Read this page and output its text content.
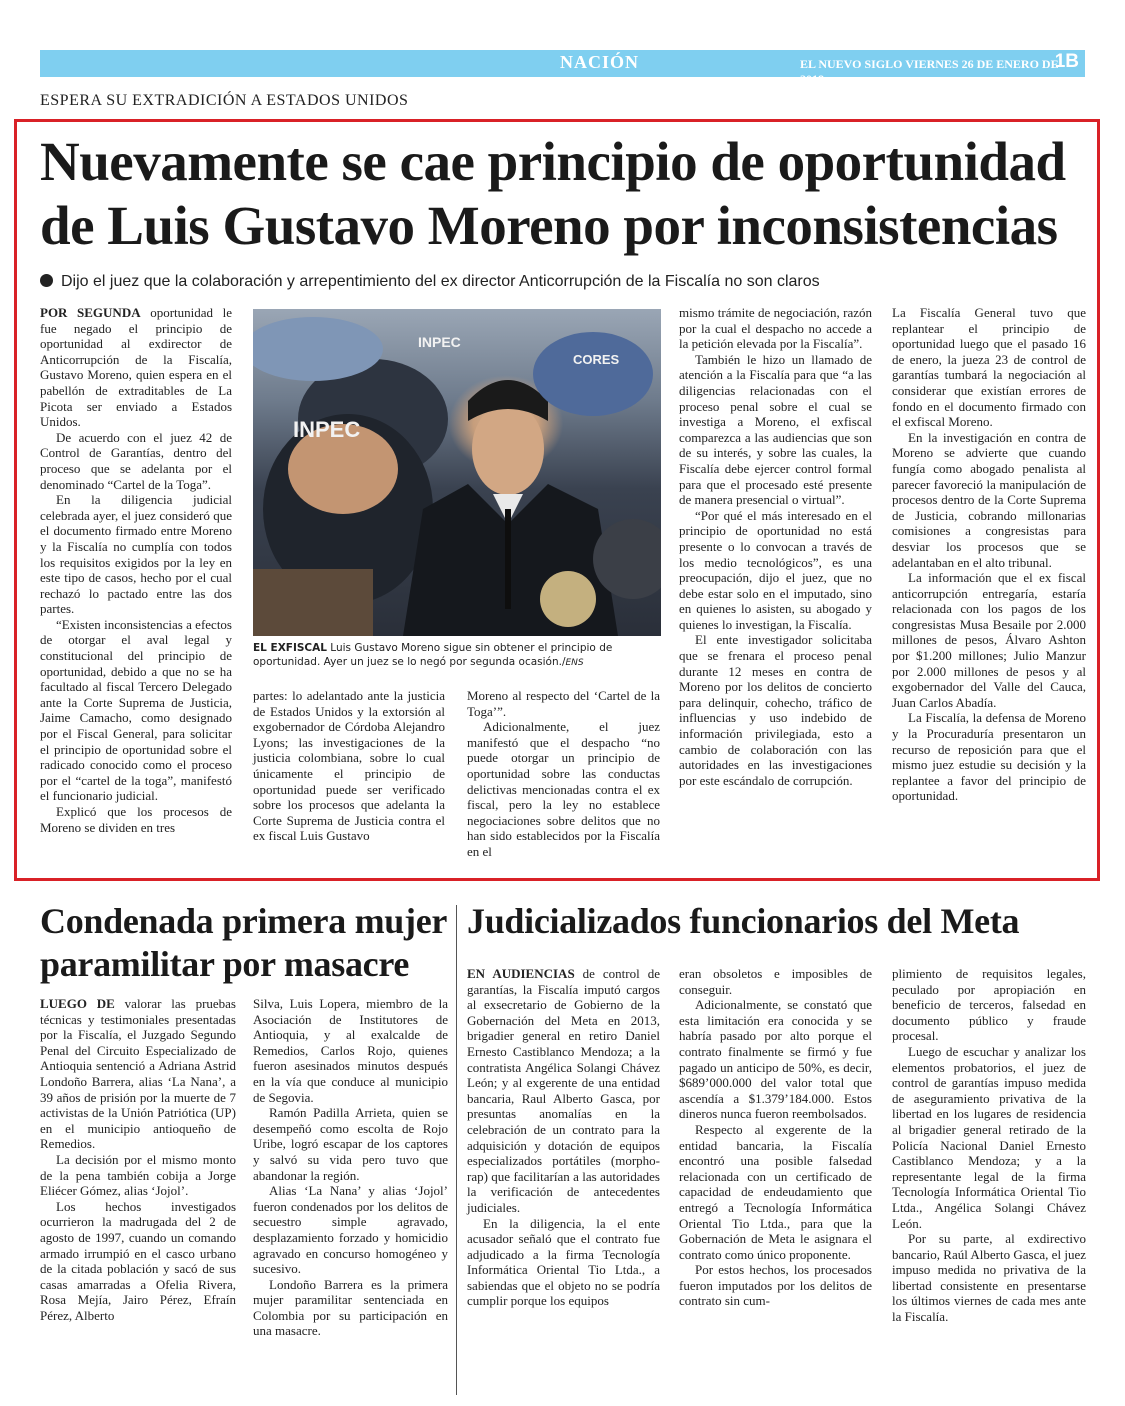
NACIÓN	EL NUEVO SIGLO VIERNES 26 DE ENERO DE 2018
1B
ESPERA SU EXTRADICIÓN A ESTADOS UNIDOS
Nuevamente se cae principio de oportunidad
de Luis Gustavo Moreno por inconsistencias
Dijo el juez que la colaboración y arrepentimiento del ex director Anticorrupción de la Fiscalía no son claros

POR SEGUNDA oportunidad le fue negado el principio de oportunidad al exdirector de Anticorrupción de la Fiscalía, Gustavo Moreno, quien espera en el pabellón de extraditables de La Picota ser enviado a Estados Unidos.

De acuerdo con el juez 42 de Control de Garantías, dentro del proceso que se adelanta por el denominado “Cartel de la Toga”.

En la diligencia judicial celebrada ayer, el juez consideró que el documento firmado entre Moreno y la Fiscalía no cumplía con todos los requisitos exigidos por la ley en este tipo de casos, hecho por el cual rechazó lo pactado entre las dos partes.

“Existen inconsistencias a efectos de otorgar el aval legal y constitucional del principio de oportunidad, debido a que no se ha facultado al fiscal Tercero Delegado ante la Corte Suprema de Justicia, Jaime Camacho, como designado por el Fiscal General, para solicitar el principio de oportunidad sobre el radicado conocido como el proceso por el “cartel de la toga”, manifestó el funcionario judicial.

Explicó que los procesos de Moreno se dividen en tres

INPEC
INPEC
CORES
EL EXFISCAL Luis Gustavo Moreno sigue sin obtener el principio de oportunidad. Ayer un juez se lo negó por segunda ocasión./ENS

partes: lo adelantado ante la justicia de Estados Unidos y la extorsión al exgobernador de Córdoba Alejandro Lyons; las investigaciones de la justicia colombiana, sobre lo cual únicamente el principio de oportunidad puede ser verificado sobre los procesos que adelanta la Corte Suprema de Justicia contra el ex fiscal Luis Gustavo

Moreno al respecto del ‘Cartel de la Toga’”.

Adicionalmente, el juez manifestó que el despacho “no puede otorgar un principio de oportunidad sobre las conductas delictivas mencionadas contra el ex fiscal, pero la ley no establece negociaciones sobre delitos que no han sido establecidos por la Fiscalía en el

mismo trámite de negociación, razón por la cual el despacho no accede a la petición elevada por la Fiscalía”.

También le hizo un llamado de atención a la Fiscalía para que “a las diligencias relacionadas con el proceso penal sobre el cual se investiga a Moreno, el exfiscal comparezca a las audiencias que son de su interés, y sobre las cuales, la Fiscalía debe ejercer control formal para que el procesado esté presente de manera presencial o virtual”.

“Por qué el más interesado en el principio de oportunidad no está presente o lo convocan a través de los medio tecnológicos”, es una preocupación, dijo el juez, que no debe estar solo en el imputado, sino en quienes lo asisten, su abogado y quienes lo investigan, la Fiscalía.

El ente investigador solicitaba que se frenara el proceso penal durante 12 meses en contra de Moreno por los delitos de concierto para delinquir, cohecho, tráfico de influencias y uso indebido de información privilegiada, esto a cambio de colaboración con las autoridades en las investigaciones por este escándalo de corrupción.

La Fiscalía General tuvo que replantear el principio de oportunidad luego que el pasado 16 de enero, la jueza 23 de control de garantías tumbará la negociación al considerar que existían errores de fondo en el documento firmado con el exfiscal Moreno.

En la investigación en contra de Moreno se advierte que cuando fungía como abogado penalista al parecer favoreció la manipulación de procesos dentro de la Corte Suprema de Justicia, cobrando millonarias comisiones a congresistas para desviar los procesos que se adelantaban en el alto tribunal.

La información que el ex fiscal anticorrupción entregaría, estaría relacionada con los pagos de los congresistas Musa Besaile por 2.000 millones de pesos, Álvaro Ashton por $1.200 millones; Julio Manzur por 2.000 millones de pesos y al exgobernador del Valle del Cauca, Juan Carlos Abadía.

La Fiscalía, la defensa de Moreno y la Procuraduría presentaron un recurso de reposición para que el mismo juez estudie su decisión y la replantee a favor del principio de oportunidad.

Condenada primera mujer
paramilitar por masacre

LUEGO DE valorar las pruebas técnicas y testimoniales presentadas por la Fiscalía, el Juzgado Segundo Penal del Circuito Especializado de Antioquia sentenció a Adriana Astrid Londoño Barrera, alias ‘La Nana’, a 39 años de prisión por la muerte de 7 activistas de la Unión Patriótica (UP) en el municipio antioqueño de Remedios.

La decisión por el mismo monto de la pena también cobija a Jorge Eliécer Gómez, alias ‘Jojol’.

Los hechos investigados ocurrieron la madrugada del 2 de agosto de 1997, cuando un comando armado irrumpió en el casco urbano de la citada población y sacó de sus casas amarradas a Ofelia Rivera, Rosa Mejía, Jairo Pérez, Efraín Pérez, Alberto

Silva, Luis Lopera, miembro de la Asociación de Institutores de Antioquia, y al exalcalde de Remedios, Carlos Rojo, quienes fueron asesinados minutos después en la vía que conduce al municipio de Segovia.

Ramón Padilla Arrieta, quien se desempeñó como escolta de Rojo Uribe, logró escapar de los captores y salvó su vida pero tuvo que abandonar la región.

Alias ‘La Nana’ y alias ‘Jojol’ fueron condenados por los delitos de secuestro simple agravado, desplazamiento forzado y homicidio agravado en concurso homogéneo y sucesivo.

Londoño Barrera es la primera mujer paramilitar sentenciada en Colombia por su participación en una masacre.

Judicializados funcionarios del Meta

EN AUDIENCIAS de control de garantías, la Fiscalía imputó cargos al exsecretario de Gobierno de la Gobernación del Meta en 2013, brigadier general en retiro Daniel Ernesto Castiblanco Mendoza; a la contratista Angélica Solangi Chávez León; y al exgerente de una entidad bancaria, Raul Alberto Gasca, por presuntas anomalías en la celebración de un contrato para la adquisición y dotación de equipos especializados portátiles (morpho-rap) que facilitarían a las autoridades la verificación de antecedentes judiciales.

En la diligencia, la el ente acusador señaló que el contrato fue adjudicado a la firma Tecnología Informática Oriental Tio Ltda., a sabiendas que el objeto no se podría cumplir porque los equipos

eran obsoletos e imposibles de conseguir.

Adicionalmente, se constató que esta limitación era conocida y se habría pasado por alto porque el contrato finalmente se firmó y fue pagado un anticipo de 50%, es decir, $689’000.000 del valor total que ascendía a $1.379’184.000. Estos dineros nunca fueron reembolsados.

Respecto al exgerente de la entidad bancaria, la Fiscalía encontró una posible falsedad relacionada con un certificado de capacidad de endeudamiento que entregó a Tecnología Informática Oriental Tio Ltda., para que la Gobernación de Meta le asignara el contrato como único proponente.

Por estos hechos, los procesados fueron imputados por los delitos de contrato sin cum-

plimiento de requisitos legales, peculado por apropiación en beneficio de terceros, falsedad en documento público y fraude procesal.

Luego de escuchar y analizar los elementos probatorios, el juez de control de garantías impuso medida de aseguramiento privativa de la libertad en los lugares de residencia al brigadier general retirado de la Policía Nacional Daniel Ernesto Castiblanco Mendoza; y a la representante legal de la firma Tecnología Informática Oriental Tio Ltda., Angélica Solangi Chávez León.

Por su parte, al exdirectivo bancario, Raúl Alberto Gasca, el juez impuso medida no privativa de la libertad consistente en presentarse los últimos viernes de cada mes ante la Fiscalía.
